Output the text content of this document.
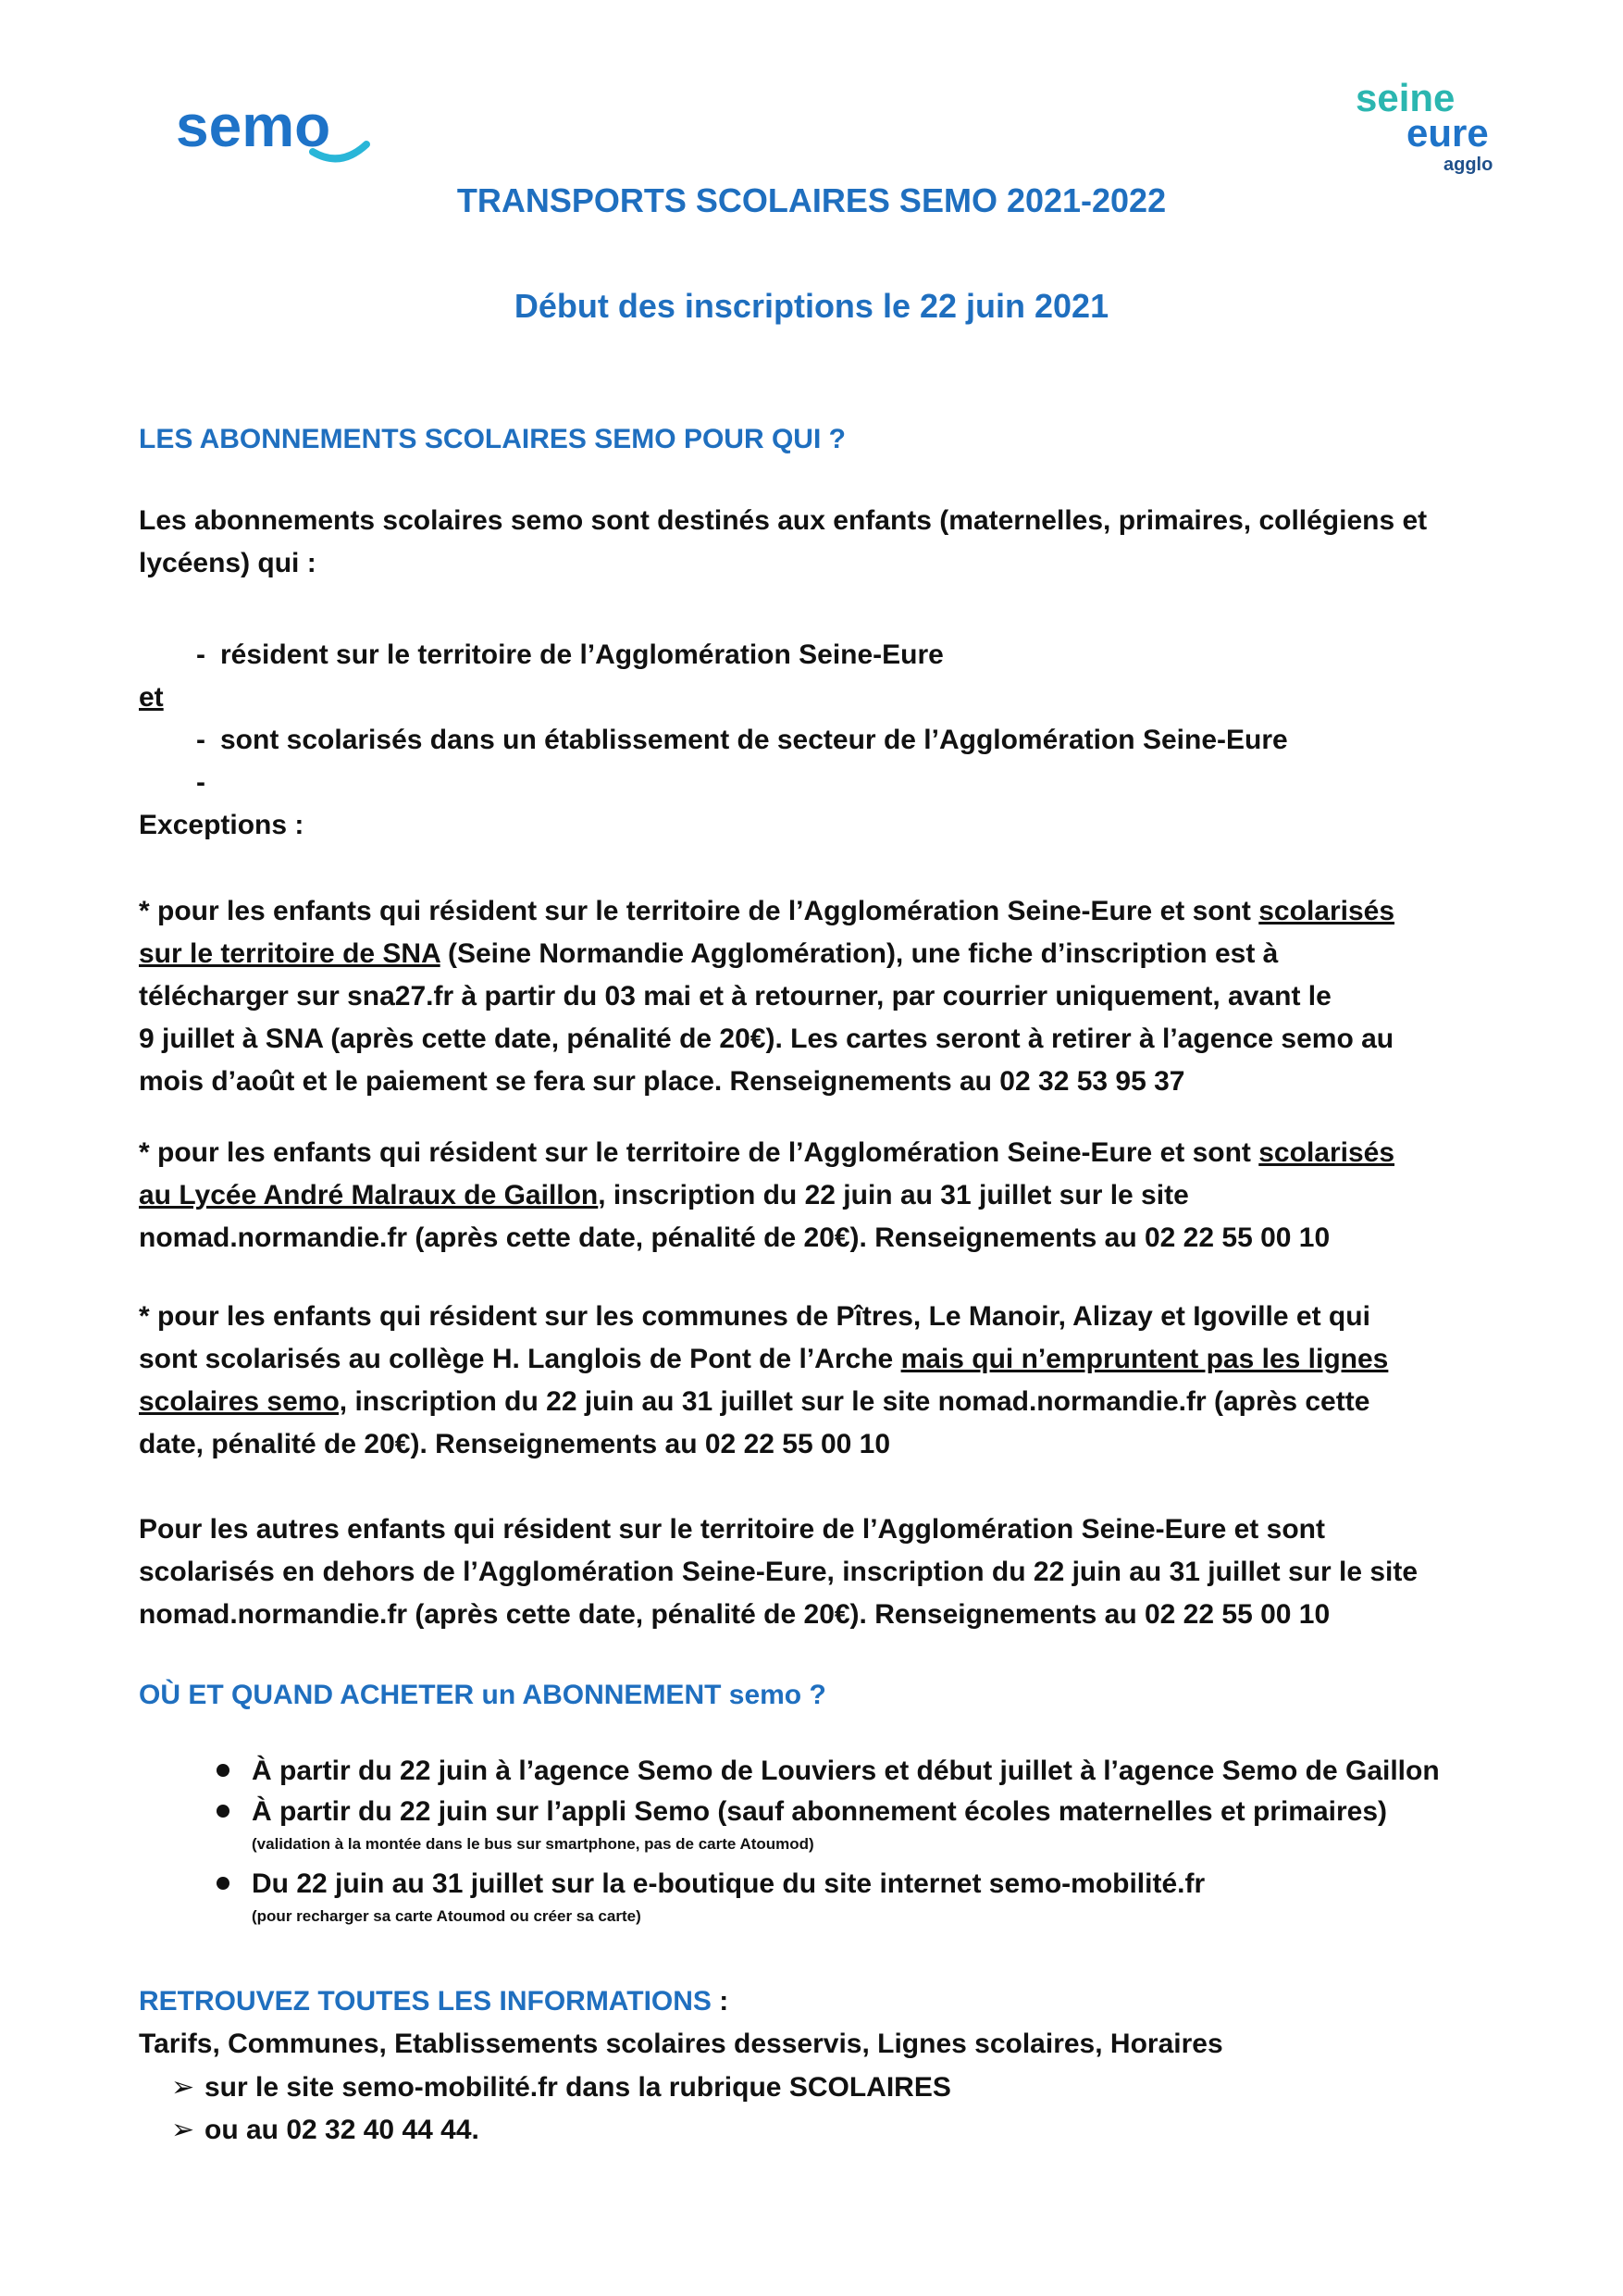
semo	seine
eure
agglo
TRANSPORTS SCOLAIRES SEMO 2021-2022
Début des inscriptions le 22 juin 2021
LES ABONNEMENTS SCOLAIRES SEMO POUR QUI ?
Les abonnements scolaires semo sont destinés aux enfants (maternelles, primaires, collégiens et
lycéens) qui :
- résident sur le territoire de l’Agglomération Seine-Eure
et
- sont scolarisés dans un établissement de secteur de l’Agglomération Seine-Eure
-
Exceptions :
* pour les enfants qui résident sur le territoire de l’Agglomération Seine-Eure et sont scolarisés
sur le territoire de SNA (Seine Normandie Agglomération), une fiche d’inscription est à
télécharger sur sna27.fr à partir du 03 mai et à retourner, par courrier uniquement, avant le
9 juillet à SNA (après cette date, pénalité de 20€). Les cartes seront à retirer à l’agence semo au
mois d’août et le paiement se fera sur place. Renseignements au 02 32 53 95 37
* pour les enfants qui résident sur le territoire de l’Agglomération Seine-Eure et sont scolarisés
au Lycée André Malraux de Gaillon, inscription du 22 juin au 31 juillet sur le site
nomad.normandie.fr (après cette date, pénalité de 20€). Renseignements au 02 22 55 00 10
* pour les enfants qui résident sur les communes de Pîtres, Le Manoir, Alizay et Igoville et qui
sont scolarisés au collège H. Langlois de Pont de l’Arche mais qui n’empruntent pas les lignes
scolaires semo, inscription du 22 juin au 31 juillet sur le site nomad.normandie.fr (après cette
date, pénalité de 20€). Renseignements au 02 22 55 00 10
Pour les autres enfants qui résident sur le territoire de l’Agglomération Seine-Eure et sont
scolarisés en dehors de l’Agglomération Seine-Eure, inscription du 22 juin au 31 juillet sur le site
nomad.normandie.fr (après cette date, pénalité de 20€). Renseignements au 02 22 55 00 10
OÙ ET QUAND ACHETER un ABONNEMENT semo ?
À partir du 22 juin à l’agence Semo de Louviers et début juillet à l’agence Semo de Gaillon
À partir du 22 juin sur l’appli Semo (sauf abonnement écoles maternelles et primaires)
(validation à la montée dans le bus sur smartphone, pas de carte Atoumod)
Du 22 juin au 31 juillet sur la e-boutique du site internet semo-mobilité.fr
(pour recharger sa carte Atoumod ou créer sa carte)
RETROUVEZ TOUTES LES INFORMATIONS :
Tarifs, Communes, Etablissements scolaires desservis, Lignes scolaires, Horaires
➢ sur le site semo-mobilité.fr dans la rubrique SCOLAIRES
➢ ou au 02 32 40 44 44.
